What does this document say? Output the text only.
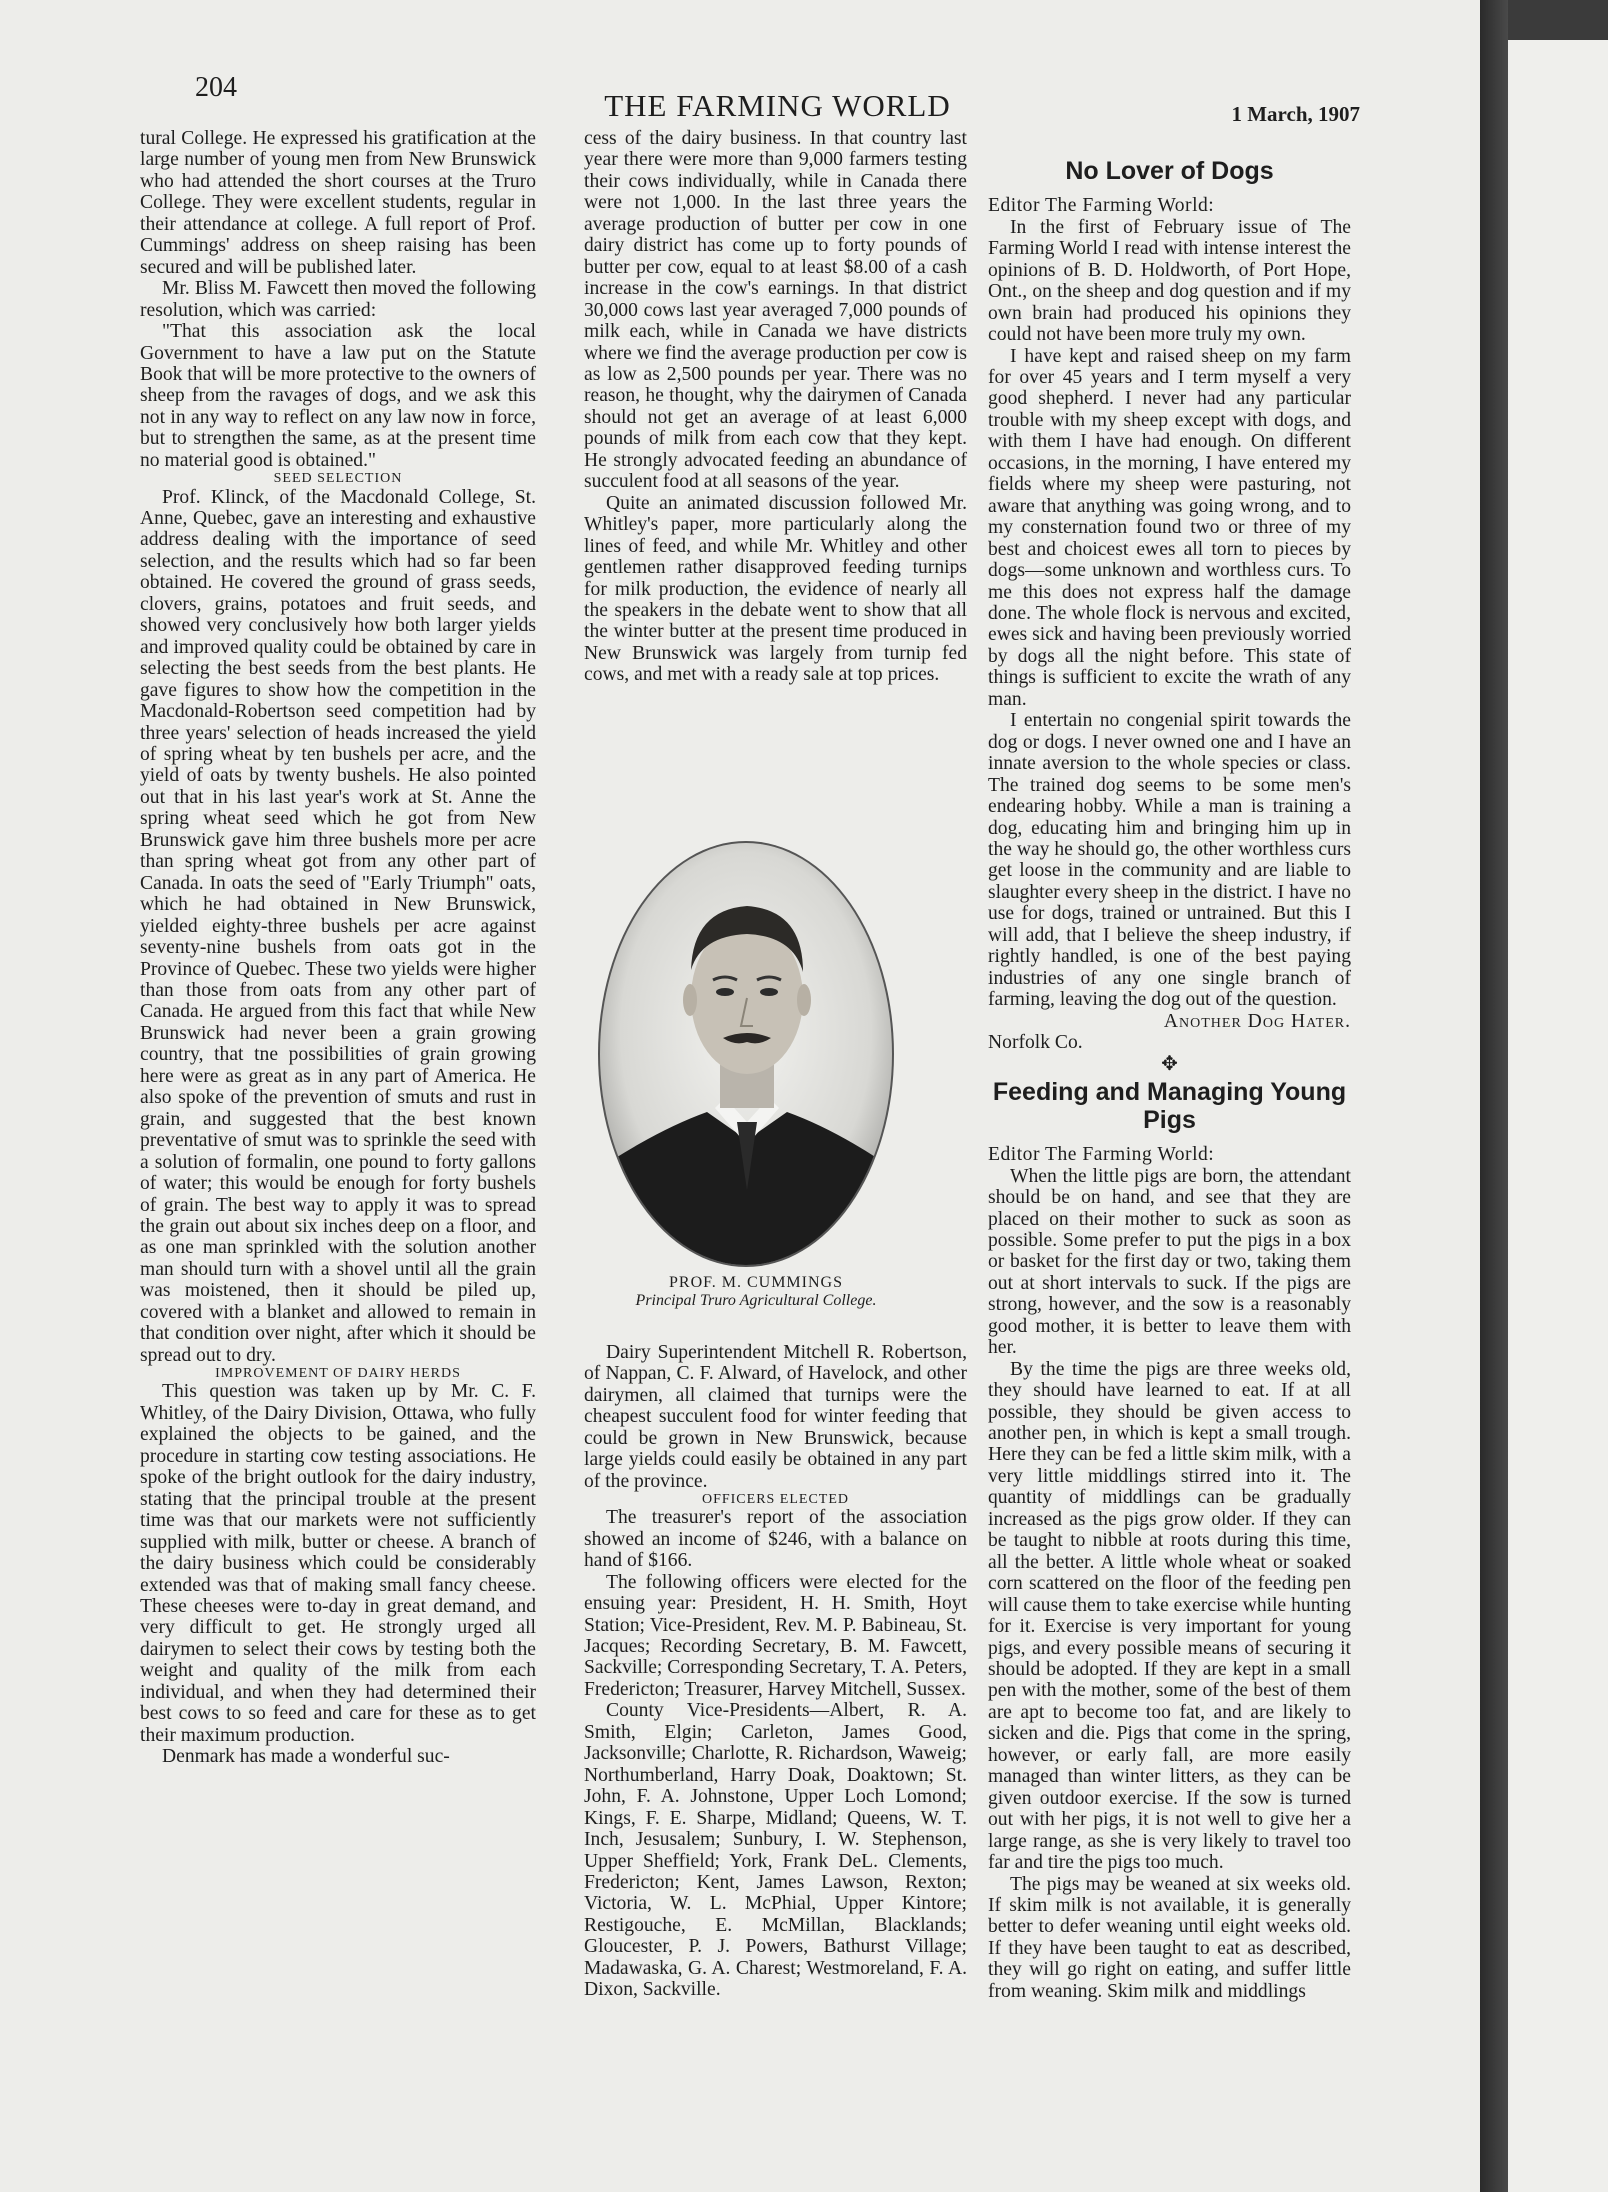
204
THE FARMING WORLD	1 March, 1907

tural College. He expressed his gratification at the large number of young men from New Brunswick who had attended the short courses at the Truro College. They were excellent students, regular in their attendance at college. A full report of Prof. Cummings' address on sheep raising has been secured and will be published later.

Mr. Bliss M. Fawcett then moved the following resolution, which was carried:

"That this association ask the local Government to have a law put on the Statute Book that will be more protective to the owners of sheep from the ravages of dogs, and we ask this not in any way to reflect on any law now in force, but to strengthen the same, as at the present time no material good is obtained."

SEED SELECTION

Prof. Klinck, of the Macdonald College, St. Anne, Quebec, gave an interesting and exhaustive address dealing with the importance of seed selection, and the results which had so far been obtained. He covered the ground of grass seeds, clovers, grains, potatoes and fruit seeds, and showed very conclusively how both larger yields and improved quality could be obtained by care in selecting the best seeds from the best plants. He gave figures to show how the competition in the Macdonald-Robertson seed competition had by three years' selection of heads increased the yield of spring wheat by ten bushels per acre, and the yield of oats by twenty bushels. He also pointed out that in his last year's work at St. Anne the spring wheat seed which he got from New Brunswick gave him three bushels more per acre than spring wheat got from any other part of Canada. In oats the seed of "Early Triumph" oats, which he had obtained in New Brunswick, yielded eighty-three bushels per acre against seventy-nine bushels from oats got in the Province of Quebec. These two yields were higher than those from oats from any other part of Canada. He argued from this fact that while New Brunswick had never been a grain growing country, that tne possibilities of grain growing here were as great as in any part of America. He also spoke of the prevention of smuts and rust in grain, and suggested that the best known preventative of smut was to sprinkle the seed with a solution of formalin, one pound to forty gallons of water; this would be enough for forty bushels of grain. The best way to apply it was to spread the grain out about six inches deep on a floor, and as one man sprinkled with the solution another man should turn with a shovel until all the grain was moistened, then it should be piled up, covered with a blanket and allowed to remain in that condition over night, after which it should be spread out to dry.

IMPROVEMENT OF DAIRY HERDS

This question was taken up by Mr. C. F. Whitley, of the Dairy Division, Ottawa, who fully explained the objects to be gained, and the procedure in starting cow testing associations. He spoke of the bright outlook for the dairy industry, stating that the principal trouble at the present time was that our markets were not sufficiently supplied with milk, butter or cheese. A branch of the dairy business which could be considerably extended was that of making small fancy cheese. These cheeses were to-day in great demand, and very difficult to get. He strongly urged all dairymen to select their cows by testing both the weight and quality of the milk from each individual, and when they had determined their best cows to so feed and care for these as to get their maximum production.

Denmark has made a wonderful suc-

cess of the dairy business. In that country last year there were more than 9,000 farmers testing their cows individually, while in Canada there were not 1,000. In the last three years the average production of butter per cow in one dairy district has come up to forty pounds of butter per cow, equal to at least $8.00 of a cash increase in the cow's earnings. In that district 30,000 cows last year averaged 7,000 pounds of milk each, while in Canada we have districts where we find the average production per cow is as low as 2,500 pounds per year. There was no reason, he thought, why the dairymen of Canada should not get an average of at least 6,000 pounds of milk from each cow that they kept. He strongly advocated feeding an abundance of succulent food at all seasons of the year.

Quite an animated discussion followed Mr. Whitley's paper, more particularly along the lines of feed, and while Mr. Whitley and other gentlemen rather disapproved feeding turnips for milk production, the evidence of nearly all the speakers in the debate went to show that all the winter butter at the present time produced in New Brunswick was largely from turnip fed cows, and met with a ready sale at top prices.

Dairy Superintendent Mitchell R. Robertson, of Nappan, C. F. Alward, of Havelock, and other dairymen, all claimed that turnips were the cheapest succulent food for winter feeding that could be grown in New Brunswick, because large yields could easily be obtained in any part of the province.

OFFICERS ELECTED

The treasurer's report of the association showed an income of $246, with a balance on hand of $166.

The following officers were elected for the ensuing year: President, H. H. Smith, Hoyt Station; Vice-President, Rev. M. P. Babineau, St. Jacques; Recording Secretary, B. M. Fawcett, Sackville; Corresponding Secretary, T. A. Peters, Fredericton; Treasurer, Harvey Mitchell, Sussex.

County Vice-Presidents—Albert, R. A. Smith, Elgin; Carleton, James Good, Jacksonville; Charlotte, R. Richardson, Waweig; Northumberland, Harry Doak, Doaktown; St. John, F. A. Johnstone, Upper Loch Lomond; Kings, F. E. Sharpe, Midland; Queens, W. T. Inch, Jesusalem; Sunbury, I. W. Stephenson, Upper Sheffield; York, Frank DeL. Clements, Fredericton; Kent, James Lawson, Rexton; Victoria, W. L. McPhial, Upper Kintore; Restigouche, E. McMillan, Blacklands; Gloucester, P. J. Powers, Bathurst Village; Madawaska, G. A. Charest; Westmoreland, F. A. Dixon, Sackville.

PROF. M. CUMMINGS
Principal Truro Agricultural College.
No Lover of Dogs

Editor The Farming World:

In the first of February issue of The Farming World I read with intense interest the opinions of B. D. Holdworth, of Port Hope, Ont., on the sheep and dog question and if my own brain had produced his opinions they could not have been more truly my own.

I have kept and raised sheep on my farm for over 45 years and I term myself a very good shepherd. I never had any particular trouble with my sheep except with dogs, and with them I have had enough. On different occasions, in the morning, I have entered my fields where my sheep were pasturing, not aware that anything was going wrong, and to my consternation found two or three of my best and choicest ewes all torn to pieces by dogs—some unknown and worthless curs. To me this does not express half the damage done. The whole flock is nervous and excited, ewes sick and having been previously worried by dogs all the night before. This state of things is sufficient to excite the wrath of any man.

I entertain no congenial spirit towards the dog or dogs. I never owned one and I have an innate aversion to the whole species or class. The trained dog seems to be some men's endearing hobby. While a man is training a dog, educating him and bringing him up in the way he should go, the other worthless curs get loose in the community and are liable to slaughter every sheep in the district. I have no use for dogs, trained or untrained. But this I will add, that I believe the sheep industry, if rightly handled, is one of the best paying industries of any one single branch of farming, leaving the dog out of the question.

Another Dog Hater.

Norfolk Co.

✥

Feeding and Managing Young Pigs

Editor The Farming World:

When the little pigs are born, the attendant should be on hand, and see that they are placed on their mother to suck as soon as possible. Some prefer to put the pigs in a box or basket for the first day or two, taking them out at short intervals to suck. If the pigs are strong, however, and the sow is a reasonably good mother, it is better to leave them with her.

By the time the pigs are three weeks old, they should have learned to eat. If at all possible, they should be given access to another pen, in which is kept a small trough. Here they can be fed a little skim milk, with a very little middlings stirred into it. The quantity of middlings can be gradually increased as the pigs grow older. If they can be taught to nibble at roots during this time, all the better. A little whole wheat or soaked corn scattered on the floor of the feeding pen will cause them to take exercise while hunting for it. Exercise is very important for young pigs, and every possible means of securing it should be adopted. If they are kept in a small pen with the mother, some of the best of them are apt to become too fat, and are likely to sicken and die. Pigs that come in the spring, however, or early fall, are more easily managed than winter litters, as they can be given outdoor exercise. If the sow is turned out with her pigs, it is not well to give her a large range, as she is very likely to travel too far and tire the pigs too much.

The pigs may be weaned at six weeks old. If skim milk is not available, it is generally better to defer weaning until eight weeks old. If they have been taught to eat as described, they will go right on eating, and suffer little from weaning. Skim milk and middlings
